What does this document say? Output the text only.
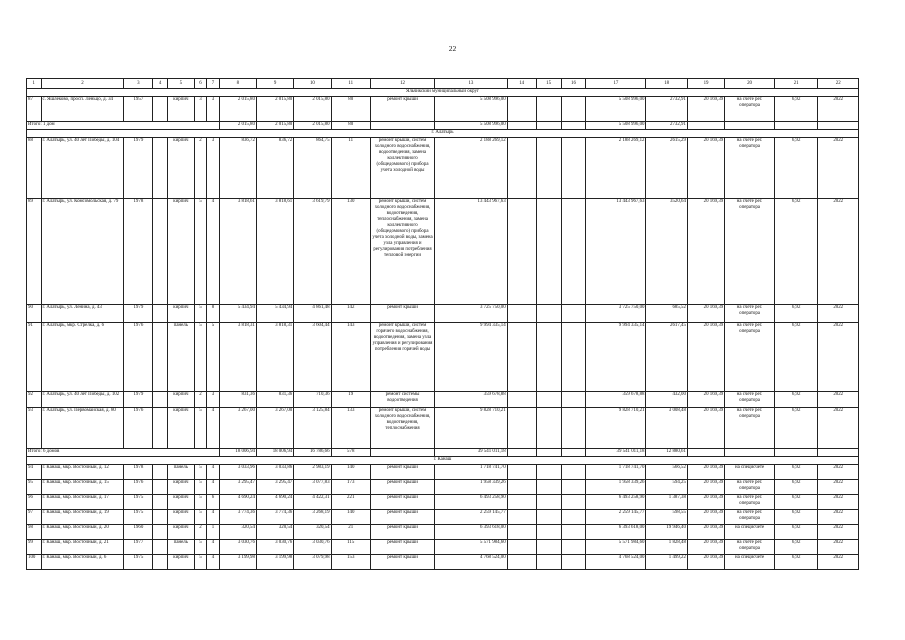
22
1	2	3	4	5	6	7	8	9	10	11	12	13	14	15	16	17	18	19	20	21	22
Яльчикский муниципальный округ																					
87	с. Яшлеково, просп. Леньцо, д. 34	1957		кирпич	3	3	2 015,80	2 015,80	2 015,80	80	ремонт крыши	5 508 996,00				5 508 996,00	2732,91	20 169,39	на счете рег. оператора	6,92	2022
Итого: 1 дом							2 015,80	2 015,80	2 015,80	80		5 508 996,00				5 508 996,00	2732,91				
г. Алатырь																					
88	г. Алатырь, ул. 40 лет Победы, д. 104	1979		кирпич	2	3	836,72	836,72	864,75	11	ремонт крыши, систем холодного водоснабжения, водоотведения, замена коллективного (общедомового) прибора учета холодной воды	2 188 269,12				2 188 269,12	2615,29	20 169,39	на счете рег. оператора	6,92	2022
89	г. Алатырь, ул. Комсомольская, д. 79	1978		кирпич	5	4	3 818,61	3 818,61	3 619,79	130	ремонт крыши, систем холодного водоснабжения, водоотведения, теплоснабжения, замена коллективного (общедомового) прибора учета холодной воды, замена узла управления и регулирования потребления тепловой энергии	13 443 967,63				13 443 967,63	3520,64	20 169,39	на счете рег. оператора	6,92	2022
90	г. Алатырь, ул. Ленина, д. 43	1979		кирпич	5	8	5 434,94	5 434,94	4 861,48	142	ремонт крыши	3 725 750,00				3 725 750,00	685,52	20 169,39	на счете рег. оператора	6,92	2022
91	г. Алатырь, мкр. Стрелка, д. 6	1976		панель	5	5	3 818,31	3 818,31	3 604,44	143	ремонт крыши, систем горячего водоснабжения, водоотведения, замена узла управления и регулирования потребления горячей воды	9 994 335,14				9 994 335,14	2617,45	20 169,39	на счете рег. оператора	6,92	2022
92	г. Алатырь, ул. 40 лет Победы, д. 102	1979		кирпич	2	3	831,36	831,36	710,36	19	ремонт системы водоотведения	359 678,88				359 678,88	432,00	20 169,39	на счете рег. оператора	6,92	2022
93	г. Алатырь, ул. Первомайская, д. 80	1976		кирпич	5	4	3 267,00	3 267,00	3 125,84	133	ремонт крыши, систем холодного водоснабжения, водоотведения, теплоснабжения	9 828 710,21				9 828 710,21	3 008,48	20 169,39	на счете рег. оператора	6,92	2022
Итого: 6 домов							18 006,94	18 006,94	16 786,66	578		39 541 011,18				39 541 011,18	12 880,61				
г. Канаш																					
94	г. Канаш, мкр. Восточный, д. 12	1978		панель	5	4	3 033,96	3 033,86	2 983,19	140	ремонт крыши	1 718 741,70				1 718 741,70	566,52	20 169,39	на специсчете	6,92	2022
95	г. Канаш, мкр. Восточный, д. 15	1976		кирпич	5	4	3 295,47	3 295,47	3 077,83	173	ремонт крыши	1 958 339,26				1 958 339,26	594,25	20 169,39	на счете рег. оператора	6,92	2022
96	г. Канаш, мкр. Восточный, д. 17	1975		кирпич	5	6	4 690,24	4 690,24	4 422,31	221	ремонт крыши	6 493 258,90				6 493 258,90	1 387,38	20 169,39	на счете рег. оператора	6,92	2022
97	г. Канаш, мкр. Восточный, д. 19	1975		кирпич	5	4	3 774,36	3 774,36	3 268,19	140	ремонт крыши	2 259 145,77				2 259 145,77	598,55	20 169,39	на счете рег. оператора	6,92	2022
98	г. Канаш, мкр. Восточный, д. 20	1960		кирпич	2	1	320,54	320,54	320,54	21	ремонт крыши	6 393 618,00				6 393 618,00	19 946,40	20 169,39	на специсчете	6,92	2022
99	г. Канаш, мкр. Восточный, д. 21	1977		панель	5	4	3 030,76	3 030,76	3 030,76	115	ремонт крыши	5 571 984,60				5 571 984,60	1 828,48	20 169,39	на счете рег. оператора	6,92	2022
100	г. Канаш, мкр. Восточный, д. 6	1975		кирпич	5	4	3 199,98	3 199,98	3 079,98	153	ремонт крыши	4 768 524,00				4 768 524,00	1 499,22	20 169,39	на специсчете	6,92	2022
